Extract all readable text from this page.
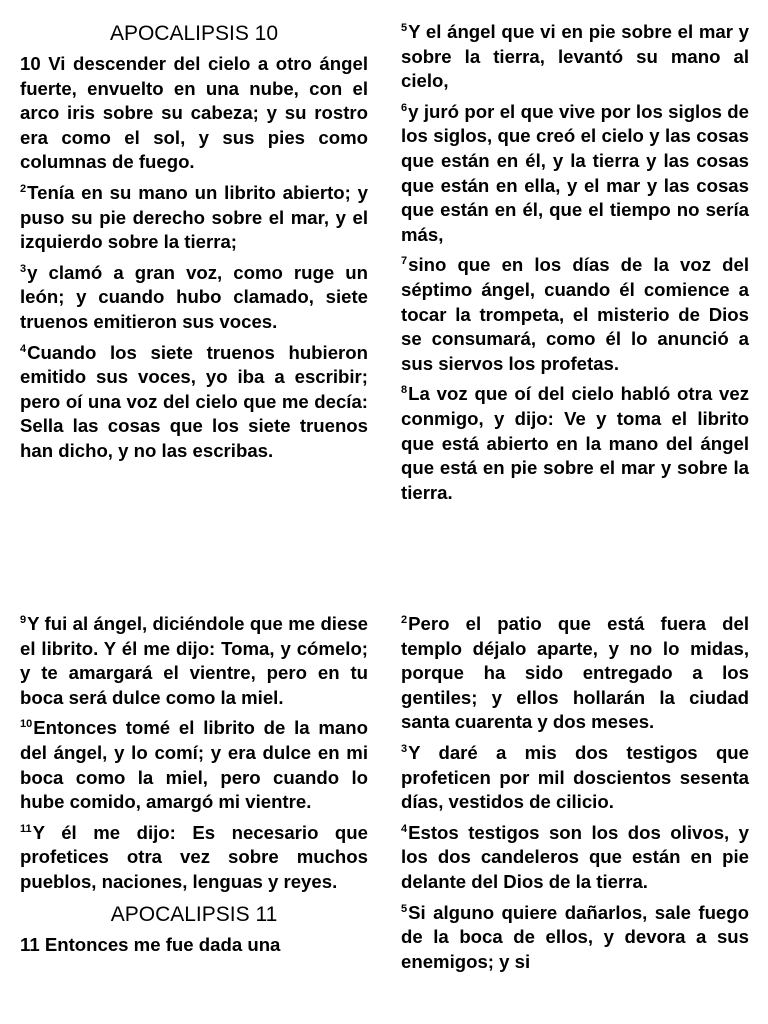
APOCALIPSIS 10
10 Vi descender del cielo a otro ángel fuerte, envuelto en una nube, con el arco iris sobre su cabeza; y su rostro era como el sol, y sus pies como columnas de fuego.
$^2$Tenía en su mano un librito abierto; y puso su pie derecho sobre el mar, y el izquierdo sobre la tierra;
$^3$y clamó a gran voz, como ruge un león; y cuando hubo clamado, siete truenos emitieron sus voces.
$^4$Cuando los siete truenos hubieron emitido sus voces, yo iba a escribir; pero oí una voz del cielo que me decía: Sella las cosas que los siete truenos han dicho, y no las escribas.
$^5$Y el ángel que vi en pie sobre el mar y sobre la tierra, levantó su mano al cielo,
$^6$y juró por el que vive por los siglos de los siglos, que creó el cielo y las cosas que están en él, y la tierra y las cosas que están en ella, y el mar y las cosas que están en él, que el tiempo no sería más,
$^7$sino que en los días de la voz del séptimo ángel, cuando él comience a tocar la trompeta, el misterio de Dios se consumará, como él lo anunció a sus siervos los profetas.
$^8$La voz que oí del cielo habló otra vez conmigo, y dijo: Ve y toma el librito que está abierto en la mano del ángel que está en pie sobre el mar y sobre la tierra.
$^9$Y fui al ángel, diciéndole que me diese el librito. Y él me dijo: Toma, y cómelo; y te amargará el vientre, pero en tu boca será dulce como la miel.
$^{10}$Entonces tomé el librito de la mano del ángel, y lo comí; y era dulce en mi boca como la miel, pero cuando lo hube comido, amargó mi vientre.
$^{11}$Y él me dijo: Es necesario que profetices otra vez sobre muchos pueblos, naciones, lenguas y reyes.
APOCALIPSIS 11
11 Entonces me fue dada una
$^2$Pero el patio que está fuera del templo déjalo aparte, y no lo midas, porque ha sido entregado a los gentiles; y ellos hollarán la ciudad santa cuarenta y dos meses.
$^3$Y daré a mis dos testigos que profeticen por mil doscientos sesenta días, vestidos de cilicio.
$^4$Estos testigos son los dos olivos, y los dos candeleros que están en pie delante del Dios de la tierra.
$^5$Si alguno quiere dañarlos, sale fuego de la boca de ellos, y devora a sus enemigos; y si
